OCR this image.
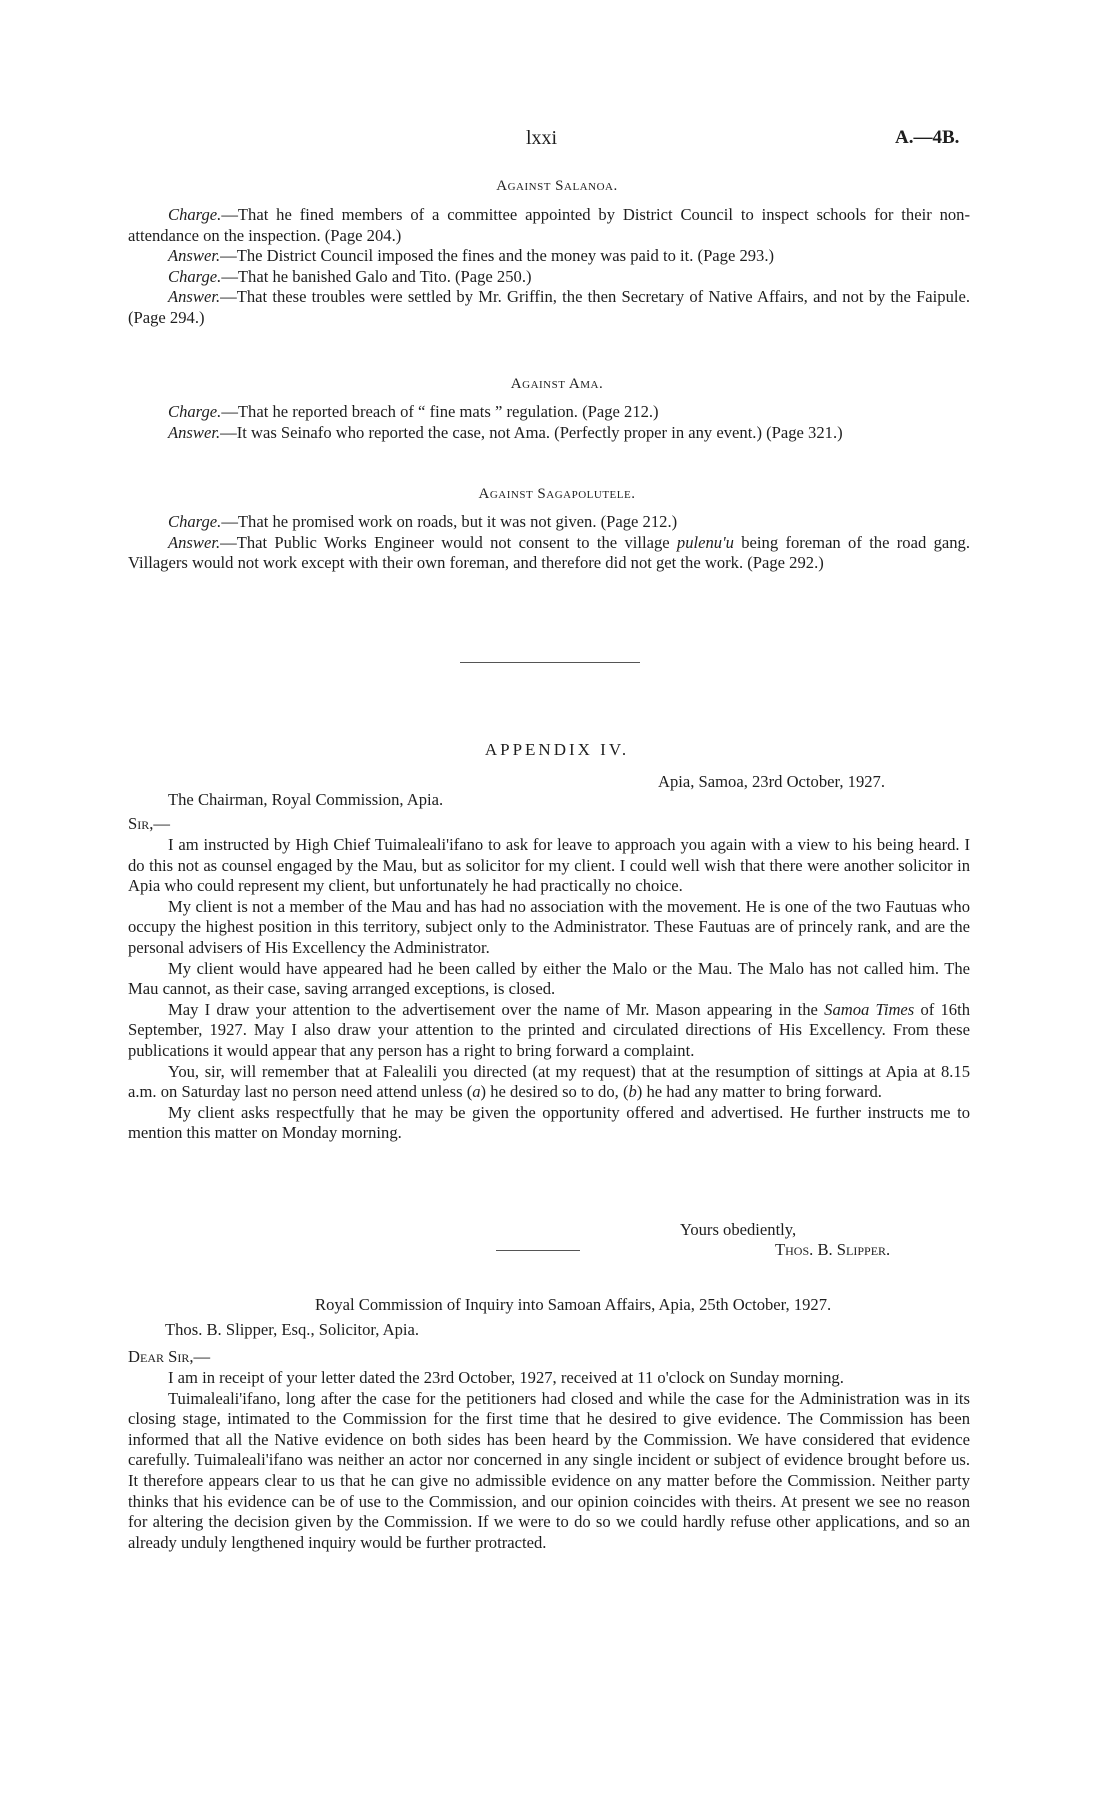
lxxi	A.—4B.
Against Salanoa.

Charge.—That he fined members of a committee appointed by District Council to inspect schools for their non-attendance on the inspection. (Page 204.)

Answer.—The District Council imposed the fines and the money was paid to it. (Page 293.)

Charge.—That he banished Galo and Tito. (Page 250.)

Answer.—That these troubles were settled by Mr. Griffin, the then Secretary of Native Affairs, and not by the Faipule. (Page 294.)

Against Ama.

Charge.—That he reported breach of “ fine mats ” regulation. (Page 212.)

Answer.—It was Seinafo who reported the case, not Ama. (Perfectly proper in any event.) (Page 321.)

Against Sagapolutele.

Charge.—That he promised work on roads, but it was not given. (Page 212.)

Answer.—That Public Works Engineer would not consent to the village pulenu'u being foreman of the road gang. Villagers would not work except with their own foreman, and therefore did not get the work. (Page 292.)

APPENDIX IV.
Apia, Samoa, 23rd October, 1927.
The Chairman, Royal Commission, Apia.
Sir,—

I am instructed by High Chief Tuimaleali'ifano to ask for leave to approach you again with a view to his being heard. I do this not as counsel engaged by the Mau, but as solicitor for my client. I could well wish that there were another solicitor in Apia who could represent my client, but unfortunately he had practically no choice.

My client is not a member of the Mau and has had no association with the movement. He is one of the two Fautuas who occupy the highest position in this territory, subject only to the Administrator. These Fautuas are of princely rank, and are the personal advisers of His Excellency the Administrator.

My client would have appeared had he been called by either the Malo or the Mau. The Malo has not called him. The Mau cannot, as their case, saving arranged exceptions, is closed.

May I draw your attention to the advertisement over the name of Mr. Mason appearing in the Samoa Times of 16th September, 1927. May I also draw your attention to the printed and circulated directions of His Excellency. From these publications it would appear that any person has a right to bring forward a complaint.

You, sir, will remember that at Falealili you directed (at my request) that at the resumption of sittings at Apia at 8.15 a.m. on Saturday last no person need attend unless (a) he desired so to do, (b) he had any matter to bring forward.

My client asks respectfully that he may be given the opportunity offered and advertised. He further instructs me to mention this matter on Monday morning.

Yours obediently,
Thos. B. Slipper.
Royal Commission of Inquiry into Samoan Affairs, Apia, 25th October, 1927.
Thos. B. Slipper, Esq., Solicitor, Apia.
Dear Sir,—

I am in receipt of your letter dated the 23rd October, 1927, received at 11 o'clock on Sunday morning.

Tuimaleali'ifano, long after the case for the petitioners had closed and while the case for the Administration was in its closing stage, intimated to the Commission for the first time that he desired to give evidence. The Commission has been informed that all the Native evidence on both sides has been heard by the Commission. We have considered that evidence carefully. Tuimaleali'ifano was neither an actor nor concerned in any single incident or subject of evidence brought before us. It therefore appears clear to us that he can give no admissible evidence on any matter before the Commission. Neither party thinks that his evidence can be of use to the Commission, and our opinion coincides with theirs. At present we see no reason for altering the decision given by the Commission. If we were to do so we could hardly refuse other applications, and so an already unduly lengthened inquiry would be further protracted.
